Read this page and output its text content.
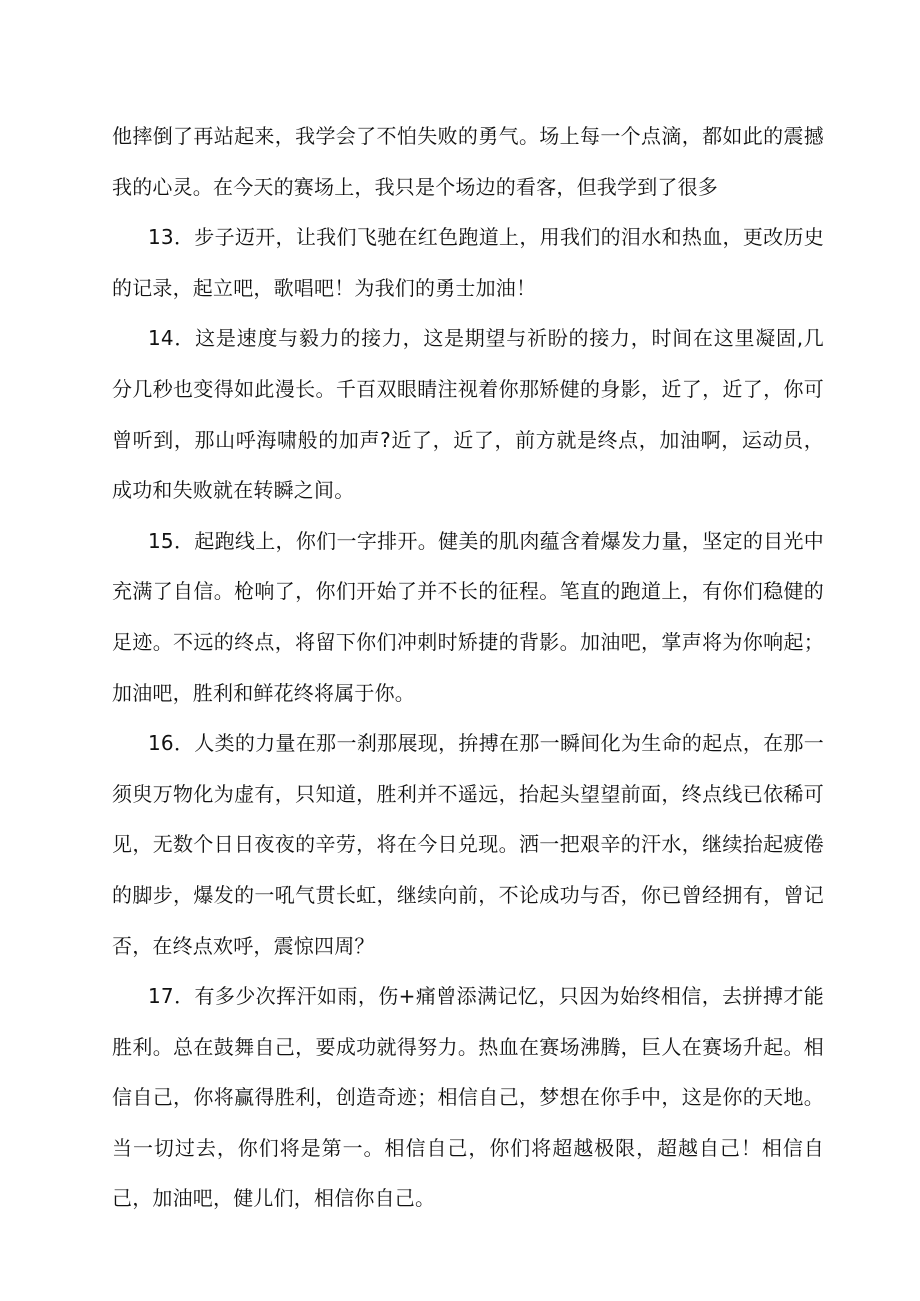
他摔倒了再站起来，我学会了不怕失败的勇气。场上每一个点滴，都如此的震撼我的心灵。在今天的赛场上，我只是个场边的看客，但我学到了很多

13．步子迈开，让我们飞驰在红色跑道上，用我们的泪水和热血，更改历史的记录，起立吧，歌唱吧！为我们的勇士加油！

14．这是速度与毅力的接力，这是期望与祈盼的接力，时间在这里凝固,几分几秒也变得如此漫长。千百双眼睛注视着你那矫健的身影，近了，近了，你可曾听到，那山呼海啸般的加声?近了，近了，前方就是终点，加油啊，运动员，成功和失败就在转瞬之间。

15．起跑线上，你们一字排开。健美的肌肉蕴含着爆发力量，坚定的目光中充满了自信。枪响了，你们开始了并不长的征程。笔直的跑道上，有你们稳健的足迹。不远的终点，将留下你们冲刺时矫捷的背影。加油吧，掌声将为你响起；加油吧，胜利和鲜花终将属于你。

16．人类的力量在那一刹那展现，拚搏在那一瞬间化为生命的起点，在那一须臾万物化为虚有，只知道，胜利并不遥远，抬起头望望前面，终点线已依稀可见，无数个日日夜夜的辛劳，将在今日兑现。洒一把艰辛的汗水，继续抬起疲倦的脚步，爆发的一吼气贯长虹，继续向前，不论成功与否，你已曾经拥有，曾记否，在终点欢呼，震惊四周？

17．有多少次挥汗如雨，伤+痛曾添满记忆，只因为始终相信，去拼搏才能胜利。总在鼓舞自己，要成功就得努力。热血在赛场沸腾，巨人在赛场升起。相信自己，你将赢得胜利，创造奇迹；相信自己，梦想在你手中，这是你的天地。当一切过去，你们将是第一。相信自己，你们将超越极限，超越自己！相信自己，加油吧，健儿们，相信你自己。
